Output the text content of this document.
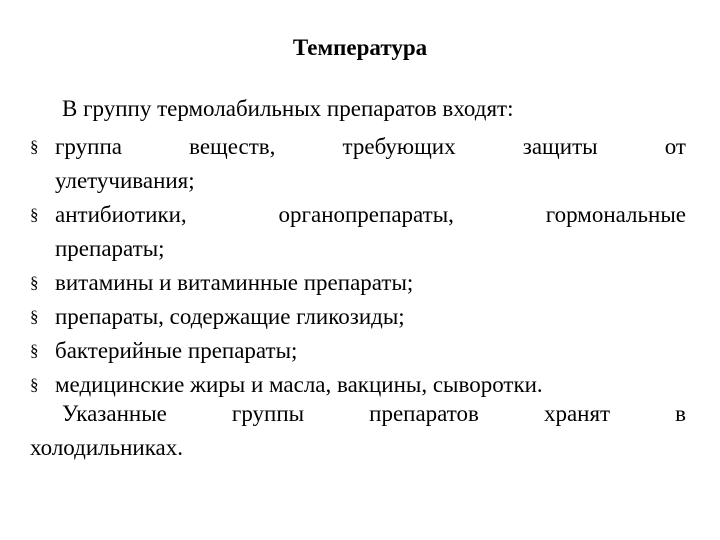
Температура
В группу термолабильных препаратов входят:
§ группа	веществ,	требующих	защиты	от
улетучивания;
§ антибиотики,	органопрепараты,	гормональные
препараты;
§ витамины и витаминные препараты;
§ препараты, содержащие гликозиды;
§ бактерийные препараты;
§ медицинские жиры и масла, вакцины, сыворотки.
Указанные	группы	препаратов	хранят	в
холодильниках.
